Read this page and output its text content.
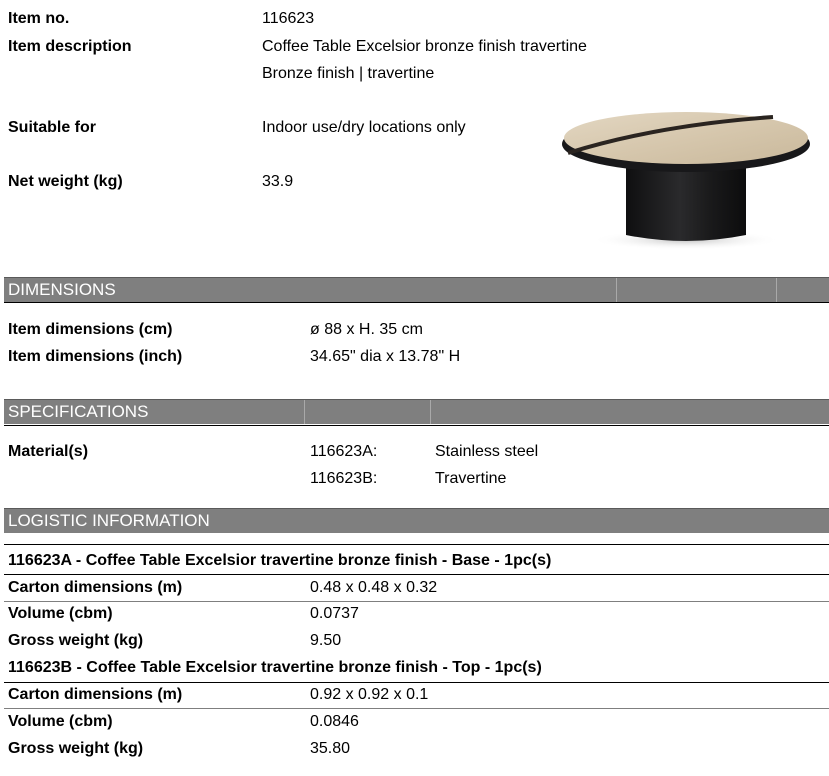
Item no.	116623
Item description	Coffee Table Excelsior bronze finish travertine
Bronze finish | travertine
Suitable for	Indoor use/dry locations only
Net weight (kg)	33.9
DIMENSIONS
Item dimensions (cm)	ø 88 x H. 35 cm
Item dimensions (inch)	34.65" dia x 13.78" H
SPECIFICATIONS
Material(s)	116623A:	Stainless steel
116623B:	Travertine
LOGISTIC INFORMATION
116623A - Coffee Table Excelsior travertine bronze finish - Base - 1pc(s)
Carton dimensions (m)	0.48 x 0.48 x 0.32
Volume (cbm)	0.0737
Gross weight (kg)	9.50
116623B - Coffee Table Excelsior travertine bronze finish - Top - 1pc(s)
Carton dimensions (m)	0.92 x 0.92 x 0.1
Volume (cbm)	0.0846
Gross weight (kg)	35.80
